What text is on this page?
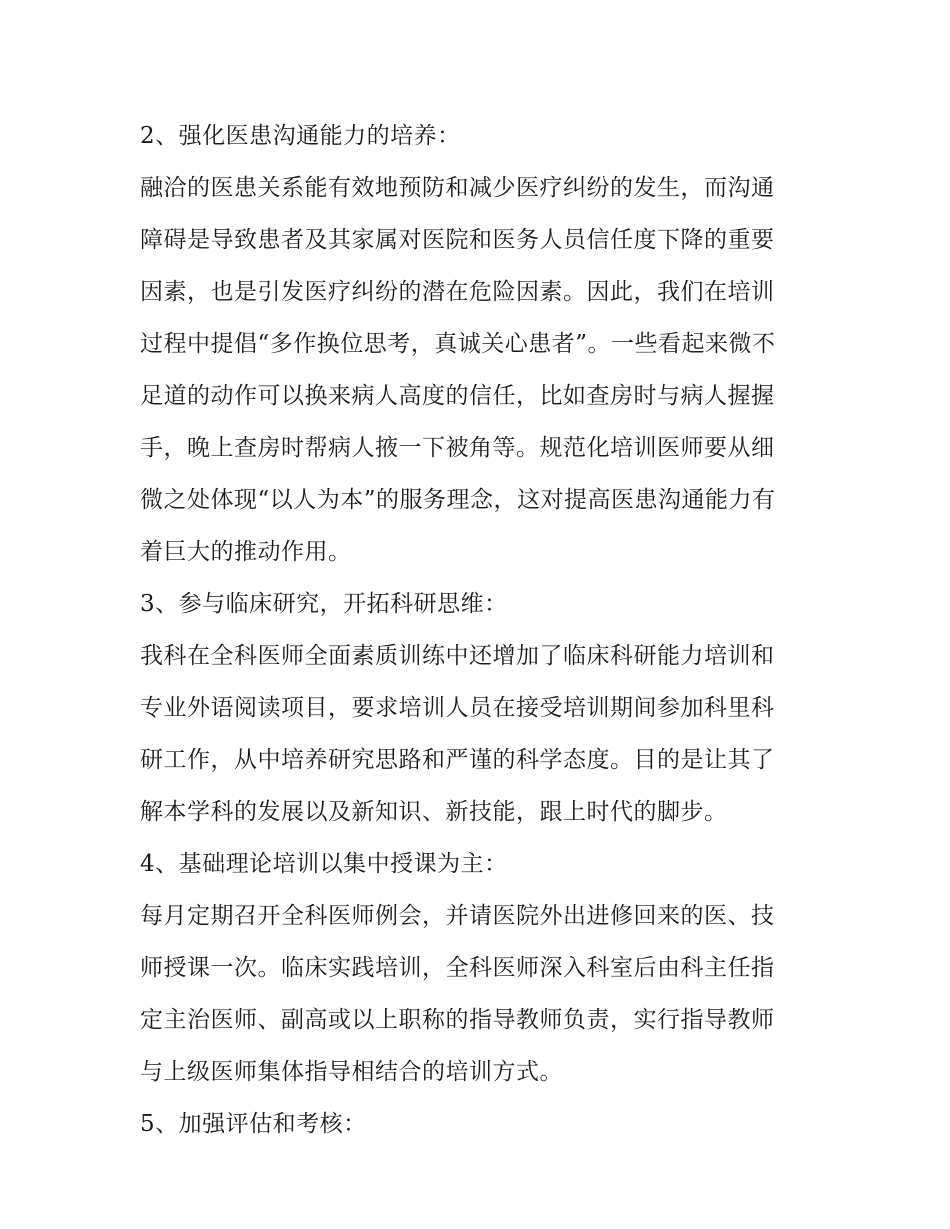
2、强化医患沟通能力的培养：
融洽的医患关系能有效地预防和减少医疗纠纷的发生，而沟通
障碍是导致患者及其家属对医院和医务人员信任度下降的重要
因素，也是引发医疗纠纷的潜在危险因素。因此，我们在培训
过程中提倡“多作换位思考，真诚关心患者”。一些看起来微不
足道的动作可以换来病人高度的信任，比如查房时与病人握握
手，晚上查房时帮病人掖一下被角等。规范化培训医师要从细
微之处体现“以人为本”的服务理念，这对提高医患沟通能力有
着巨大的推动作用。
3、参与临床研究，开拓科研思维：
我科在全科医师全面素质训练中还增加了临床科研能力培训和
专业外语阅读项目，要求培训人员在接受培训期间参加科里科
研工作，从中培养研究思路和严谨的科学态度。目的是让其了
解本学科的发展以及新知识、新技能，跟上时代的脚步。
4、基础理论培训以集中授课为主：
每月定期召开全科医师例会，并请医院外出进修回来的医、技
师授课一次。临床实践培训，全科医师深入科室后由科主任指
定主治医师、副高或以上职称的指导教师负责，实行指导教师
与上级医师集体指导相结合的培训方式。
5、加强评估和考核：
